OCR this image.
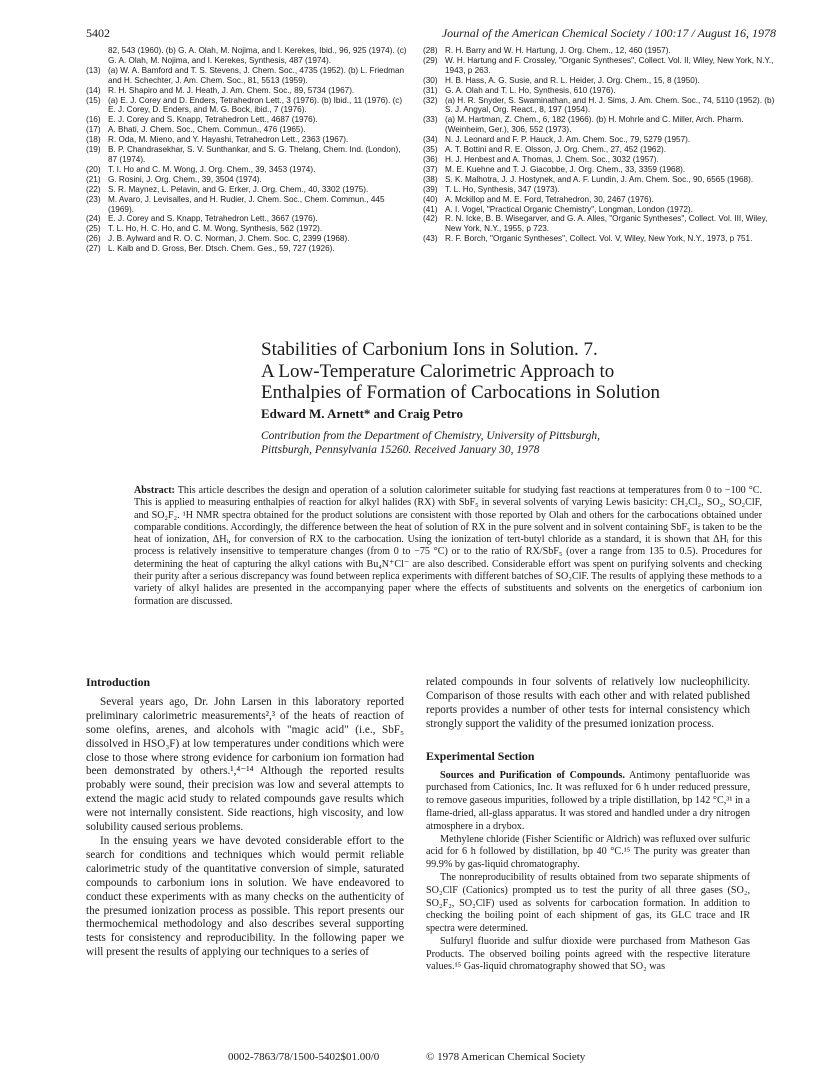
5402	Journal of the American Chemical Society / 100:17 / August 16, 1978
82, 543 (1960). (b) G. A. Olah, M. Nojima, and I. Kerekes, Ibid., 96, 925 (1974). (c) G. A. Olah, M. Nojima, and I. Kerekes, Synthesis, 487 (1974).
(13) (a) W. A. Bamford and T. S. Stevens, J. Chem. Soc., 4735 (1952). (b) L. Friedman and H. Schechter, J. Am. Chem. Soc., 81, 5513 (1959).
(14) R. H. Shapiro and M. J. Heath, J. Am. Chem. Soc., 89, 5734 (1967).
(15) (a) E. J. Corey and D. Enders, Tetrahedron Lett., 3 (1976). (b) Ibid., 11 (1976). (c) E. J. Corey, D. Enders, and M. G. Bock, ibid., 7 (1976).
(16) E. J. Corey and S. Knapp, Tetrahedron Lett., 4687 (1976).
(17) A. Bhati, J. Chem. Soc., Chem. Commun., 476 (1965).
(18) R. Oda, M. Mieno, and Y. Hayashi, Tetrahedron Lett., 2363 (1967).
(19) B. P. Chandrasekhar, S. V. Sunthankar, and S. G. Thelang, Chem. Ind. (London), 87 (1974).
(20) T. I. Ho and C. M. Wong, J. Org. Chem., 39, 3453 (1974).
(21) G. Rosini, J. Org. Chem., 39, 3504 (1974).
(22) S. R. Maynez, L. Pelavin, and G. Erker, J. Org. Chem., 40, 3302 (1975).
(23) M. Avaro, J. Levisalles, and H. Rudier, J. Chem. Soc., Chem. Commun., 445 (1969).
(24) E. J. Corey and S. Knapp, Tetrahedron Lett., 3667 (1976).
(25) T. L. Ho, H. C. Ho, and C. M. Wong, Synthesis, 562 (1972).
(26) J. B. Aylward and R. O. C. Norman, J. Chem. Soc. C, 2399 (1968).
(27) L. Kalb and D. Gross, Ber. Dtsch. Chem. Ges., 59, 727 (1926).
(28) R. H. Barry and W. H. Hartung, J. Org. Chem., 12, 460 (1957).
(29) W. H. Hartung and F. Crossley, "Organic Syntheses", Collect. Vol. II, Wiley, New York, N.Y., 1943, p 263.
(30) H. B. Hass, A. G. Susie, and R. L. Heider, J. Org. Chem., 15, 8 (1950).
(31) G. A. Olah and T. L. Ho, Synthesis, 610 (1976).
(32) (a) H. R. Snyder, S. Swaminathan, and H. J. Sims, J. Am. Chem. Soc., 74, 5110 (1952). (b) S. J. Angyal, Org. React., 8, 197 (1954).
(33) (a) M. Hartman, Z. Chem., 6, 182 (1966). (b) H. Mohrle and C. Miller, Arch. Pharm. (Weinheim, Ger.), 306, 552 (1973).
(34) N. J. Leonard and F. P. Hauck, J. Am. Chem. Soc., 79, 5279 (1957).
(35) A. T. Bottini and R. E. Olsson, J. Org. Chem., 27, 452 (1962).
(36) H. J. Henbest and A. Thomas, J. Chem. Soc., 3032 (1957).
(37) M. E. Kuehne and T. J. Giacobbe, J. Org. Chem., 33, 3359 (1968).
(38) S. K. Malhotra, J. J. Hostynek, and A. F. Lundin, J. Am. Chem. Soc., 90, 6565 (1968).
(39) T. L. Ho, Synthesis, 347 (1973).
(40) A. Mckillop and M. E. Ford, Tetrahedron, 30, 2467 (1976).
(41) A. I. Vogel, "Practical Organic Chemistry", Longman, London (1972).
(42) R. N. Icke, B. B. Wisegarver, and G. A. Alles, "Organic Syntheses", Collect. Vol. III, Wiley, New York, N.Y., 1955, p 723.
(43) R. F. Borch, "Organic Syntheses", Collect. Vol. V, Wiley, New York, N.Y., 1973, p 751.
Stabilities of Carbonium Ions in Solution. 7.
A Low-Temperature Calorimetric Approach to
Enthalpies of Formation of Carbocations in Solution
Edward M. Arnett* and Craig Petro
Contribution from the Department of Chemistry, University of Pittsburgh,
Pittsburgh, Pennsylvania 15260. Received January 30, 1978
Abstract: This article describes the design and operation of a solution calorimeter suitable for studying fast reactions at temperatures from 0 to −100 °C. This is applied to measuring enthalpies of reaction for alkyl halides (RX) with SbF₅ in several solvents of varying Lewis basicity: CH₂Cl₂, SO₂, SO₂ClF, and SO₂F₂. ¹H NMR spectra obtained for the product solutions are consistent with those reported by Olah and others for the carbocations obtained under comparable conditions. Accordingly, the difference between the heat of solution of RX in the pure solvent and in solvent containing SbF₅ is taken to be the heat of ionization, ΔHᵢ, for conversion of RX to the carbocation. Using the ionization of tert-butyl chloride as a standard, it is shown that ΔHᵢ for this process is relatively insensitive to temperature changes (from 0 to −75 °C) or to the ratio of RX/SbF₅ (over a range from 135 to 0.5). Procedures for determining the heat of capturing the alkyl cations with Bu₄N⁺Cl⁻ are also described. Considerable effort was spent on purifying solvents and checking their purity after a serious discrepancy was found between replica experiments with different batches of SO₂ClF. The results of applying these methods to a variety of alkyl halides are presented in the accompanying paper where the effects of substituents and solvents on the energetics of carbonium ion formation are discussed.
Introduction

Several years ago, Dr. John Larsen in this laboratory reported preliminary calorimetric measurements²,³ of the heats of reaction of some olefins, arenes, and alcohols with "magic acid" (i.e., SbF₅ dissolved in HSO₃F) at low temperatures under conditions which were close to those where strong evidence for carbonium ion formation had been demonstrated by others.¹,⁴⁻¹⁴ Although the reported results probably were sound, their precision was low and several attempts to extend the magic acid study to related compounds gave results which were not internally consistent. Side reactions, high viscosity, and low solubility caused serious problems.

In the ensuing years we have devoted considerable effort to the search for conditions and techniques which would permit reliable calorimetric study of the quantitative conversion of simple, saturated compounds to carbonium ions in solution. We have endeavored to conduct these experiments with as many checks on the authenticity of the presumed ionization process as possible. This report presents our thermochemical methodology and also describes several supporting tests for consistency and reproducibility. In the following paper we will present the results of applying our techniques to a series of

related compounds in four solvents of relatively low nucleophilicity. Comparison of those results with each other and with related published reports provides a number of other tests for internal consistency which strongly support the validity of the presumed ionization process.

Experimental Section

Sources and Purification of Compounds. Antimony pentafluoride was purchased from Cationics, Inc. It was refluxed for 6 h under reduced pressure, to remove gaseous impurities, followed by a triple distillation, bp 142 °C,³¹ in a flame-dried, all-glass apparatus. It was stored and handled under a dry nitrogen atmosphere in a drybox.

Methylene chloride (Fisher Scientific or Aldrich) was refluxed over sulfuric acid for 6 h followed by distillation, bp 40 °C.¹⁵ The purity was greater than 99.9% by gas-liquid chromatography.

The nonreproducibility of results obtained from two separate shipments of SO₂ClF (Cationics) prompted us to test the purity of all three gases (SO₂, SO₂F₂, SO₂ClF) used as solvents for carbocation formation. In addition to checking the boiling point of each shipment of gas, its GLC trace and IR spectra were determined.

Sulfuryl fluoride and sulfur dioxide were purchased from Matheson Gas Products. The observed boiling points agreed with the respective literature values.¹⁵ Gas-liquid chromatography showed that SO₂ was

0002-7863/78/1500-5402$01.00/0	© 1978 American Chemical Society
